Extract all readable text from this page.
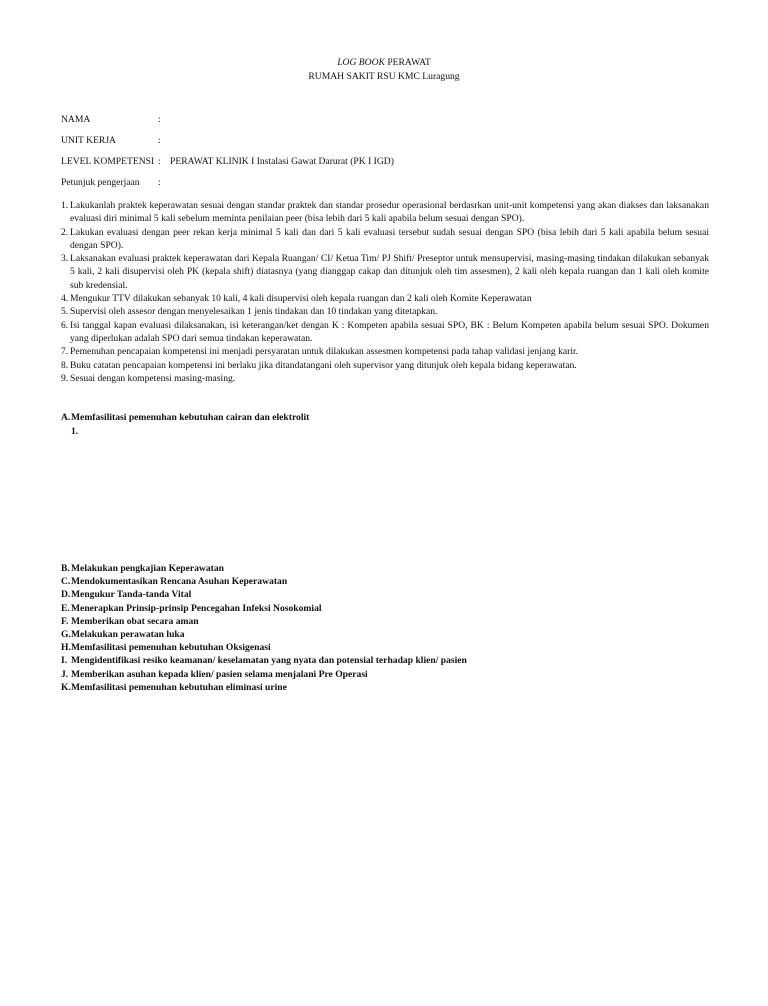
LOG BOOK PERAWAT
RUMAH SAKIT RSU KMC Luragung
NAMA	:
UNIT KERJA	:
LEVEL KOMPETENSI : PERAWAT KLINIK I Instalasi Gawat Darurat (PK I IGD)
Petunjuk pengerjaan :
1. Lakukanlah praktek keperawatan sesuai dengan standar praktek dan standar prosedur operasional berdasrkan unit-unit kompetensi yang akan diakses dan laksanakan evaluasi diri minimal 5 kali sebelum meminta penilaian peer (bisa lebih dari 5 kali apabila belum sesuai dengan SPO).
2. Lakukan evaluasi dengan peer rekan kerja minimal 5 kali dan dari 5 kali evaluasi tersebut sudah sesuai dengan SPO (bisa lebih dari 5 kali apabila belum sesuai dengan SPO).
3. Laksanakan evaluasi praktek keperawatan dari Kepala Ruangan/ CI/ Ketua Tim/ PJ Shift/ Preseptor untuk mensupervisi, masing-masing tindakan dilakukan sebanyak 5 kali, 2 kali disupervisi oleh PK (kepala shift) diatasnya (yang dianggap cakap dan ditunjuk oleh tim assesmen), 2 kali oleh kepala ruangan dan 1 kali oleh komite sub kredensial.
4. Mengukur TTV dilakukan sebanyak 10 kali, 4 kali disupervisi oleh kepala ruangan dan 2 kali oleh Komite Keperawatan
5. Supervisi oleh assesor dengan menyelesaikan 1 jenis tindakan dan 10 tindakan yang ditetapkan.
6. Isi tanggal kapan evaluasi dilaksanakan, isi keterangan/ket dengan K : Kompeten apabila sesuai SPO, BK : Belum Kompeten apabila belum sesuai SPO. Dokumen yang diperlukan adalah SPO dari semua tindakan keperawatan.
7. Pemenuhan pencapaian kompetensi ini menjadi persyaratan untuk dilakukan assesmen kompetensi pada tahap validasi jenjang karir.
8. Buku catatan pencapaian kompetensi ini berlaku jika ditandatangani oleh supervisor yang ditunjuk oleh kepala bidang keperawatan.
9. Sesuai dengan kompetensi masing-masing.
A.Memfasilitasi pemenuhan kebutuhan cairan dan elektrolit
1.
B.Melakukan pengkajian Keperawatan
C.Mendokumentasikan Rencana Asuhan Keperawatan
D.Mengukur Tanda-tanda Vital
E.Menerapkan Prinsip-prinsip Pencegahan Infeksi Nosokomial
F. Memberikan obat secara aman
G.Melakukan perawatan luka
H.Memfasilitasi pemenuhan kebutuhan Oksigenasi
I. Mengidentifikasi resiko keamanan/ keselamatan yang nyata dan potensial terhadap klien/ pasien
J. Memberikan asuhan kepada klien/ pasien selama menjalani Pre Operasi
K.Memfasilitasi pemenuhan kebutuhan eliminasi urine
